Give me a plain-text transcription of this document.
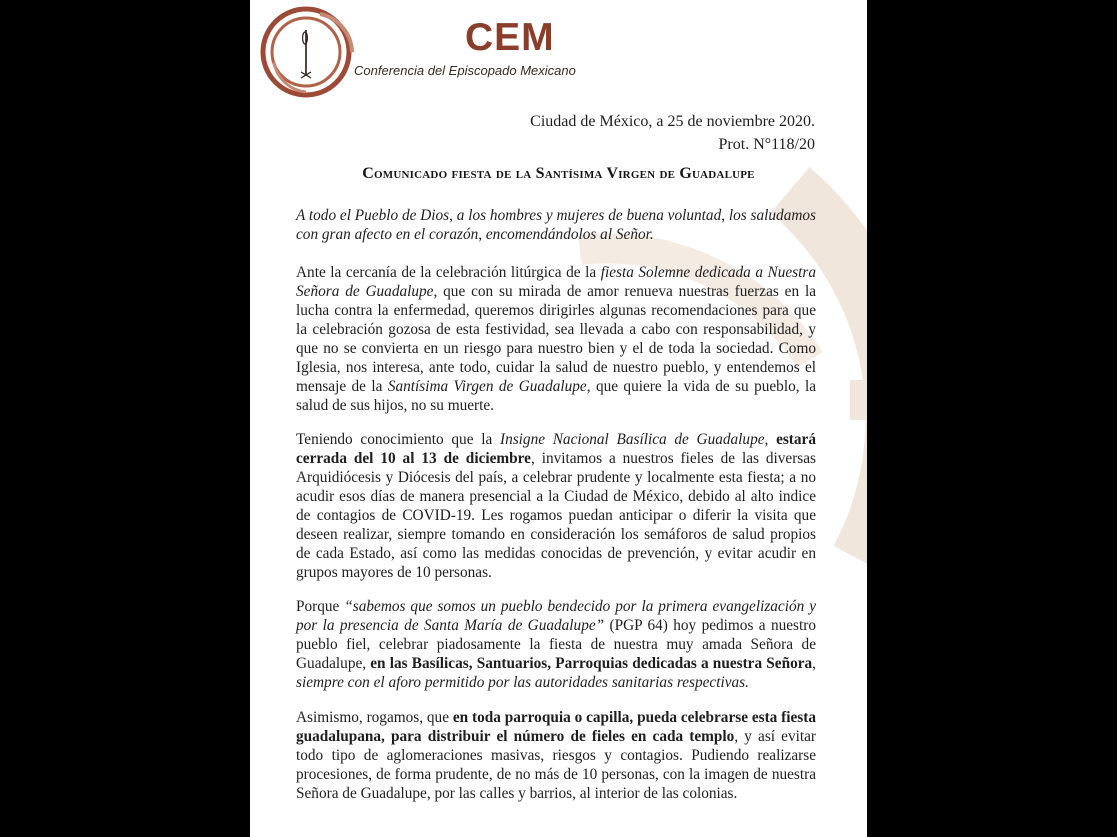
CEM
Conferencia del Episcopado Mexicano
Ciudad de México, a 25 de noviembre 2020.
Prot. N°118/20
Comunicado fiesta de la Santísima Virgen de Guadalupe
A todo el Pueblo de Dios, a los hombres y mujeres de buena voluntad, los saludamos con gran afecto en el corazón, encomendándolos al Señor.
Ante la cercanía de la celebración litúrgica de la fiesta Solemne dedicada a Nuestra Señora de Guadalupe, que con su mirada de amor renueva nuestras fuerzas en la lucha contra la enfermedad, queremos dirigirles algunas recomendaciones para que la celebración gozosa de esta festividad, sea llevada a cabo con responsabilidad, y que no se convierta en un riesgo para nuestro bien y el de toda la sociedad. Como Iglesia, nos interesa, ante todo, cuidar la salud de nuestro pueblo, y entendemos el mensaje de la Santísima Virgen de Guadalupe, que quiere la vida de su pueblo, la salud de sus hijos, no su muerte.
Teniendo conocimiento que la Insigne Nacional Basílica de Guadalupe, estará cerrada del 10 al 13 de diciembre, invitamos a nuestros fieles de las diversas Arquidiócesis y Diócesis del país, a celebrar prudente y localmente esta fiesta; a no acudir esos días de manera presencial a la Ciudad de México, debido al alto indice de contagios de COVID-19. Les rogamos puedan anticipar o diferir la visita que deseen realizar, siempre tomando en consideración los semáforos de salud propios de cada Estado, así como las medidas conocidas de prevención, y evitar acudir en grupos mayores de 10 personas.
Porque “sabemos que somos un pueblo bendecido por la primera evangelización y por la presencia de Santa María de Guadalupe” (PGP 64) hoy pedimos a nuestro pueblo fiel, celebrar piadosamente la fiesta de nuestra muy amada Señora de Guadalupe, en las Basílicas, Santuarios, Parroquias dedicadas a nuestra Señora, siempre con el aforo permitido por las autoridades sanitarias respectivas.
Asimismo, rogamos, que en toda parroquia o capilla, pueda celebrarse esta fiesta guadalupana, para distribuir el número de fieles en cada templo, y así evitar todo tipo de aglomeraciones masivas, riesgos y contagios. Pudiendo realizarse procesiones, de forma prudente, de no más de 10 personas, con la imagen de nuestra Señora de Guadalupe, por las calles y barrios, al interior de las colonias.
